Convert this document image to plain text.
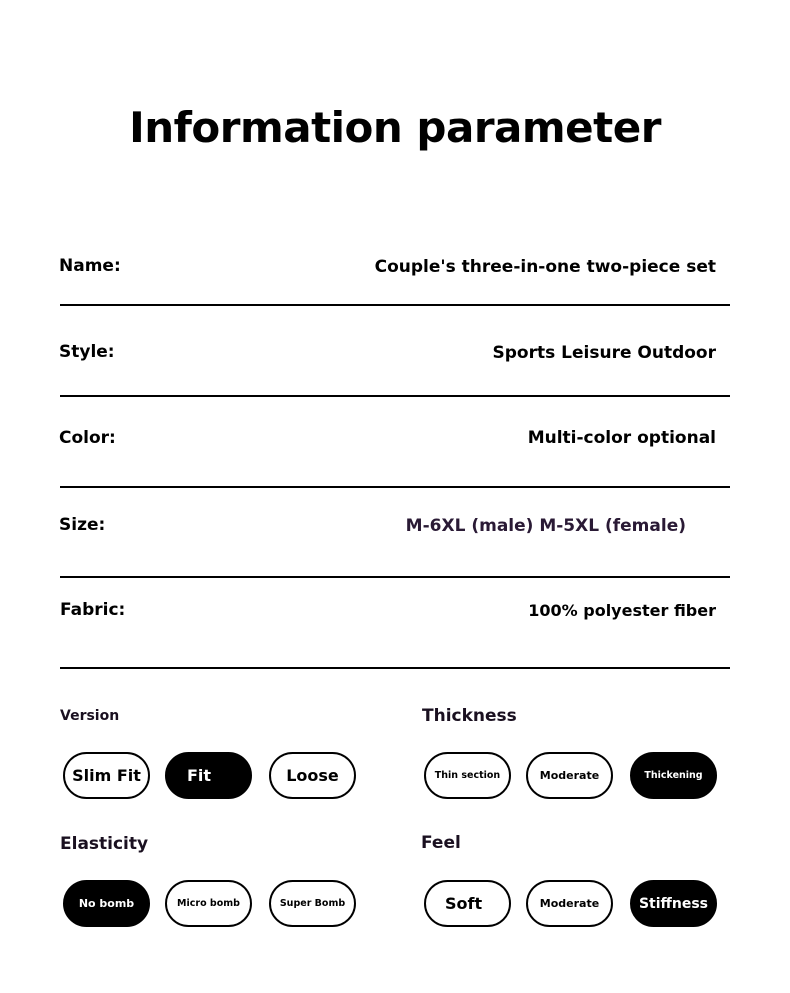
Information parameter
Name:	Couple's three-in-one two-piece set
Style:	Sports Leisure Outdoor
Color:	Multi-color optional
Size:	M-6XL (male) M-5XL (female)
Fabric:	100% polyester fiber
Version
Slim Fit	Fit	Loose
Thickness
Thin section	Moderate	Thickening
Elasticity
No bomb	Micro bomb	Super Bomb
Feel
Soft	Moderate	Stiffness
